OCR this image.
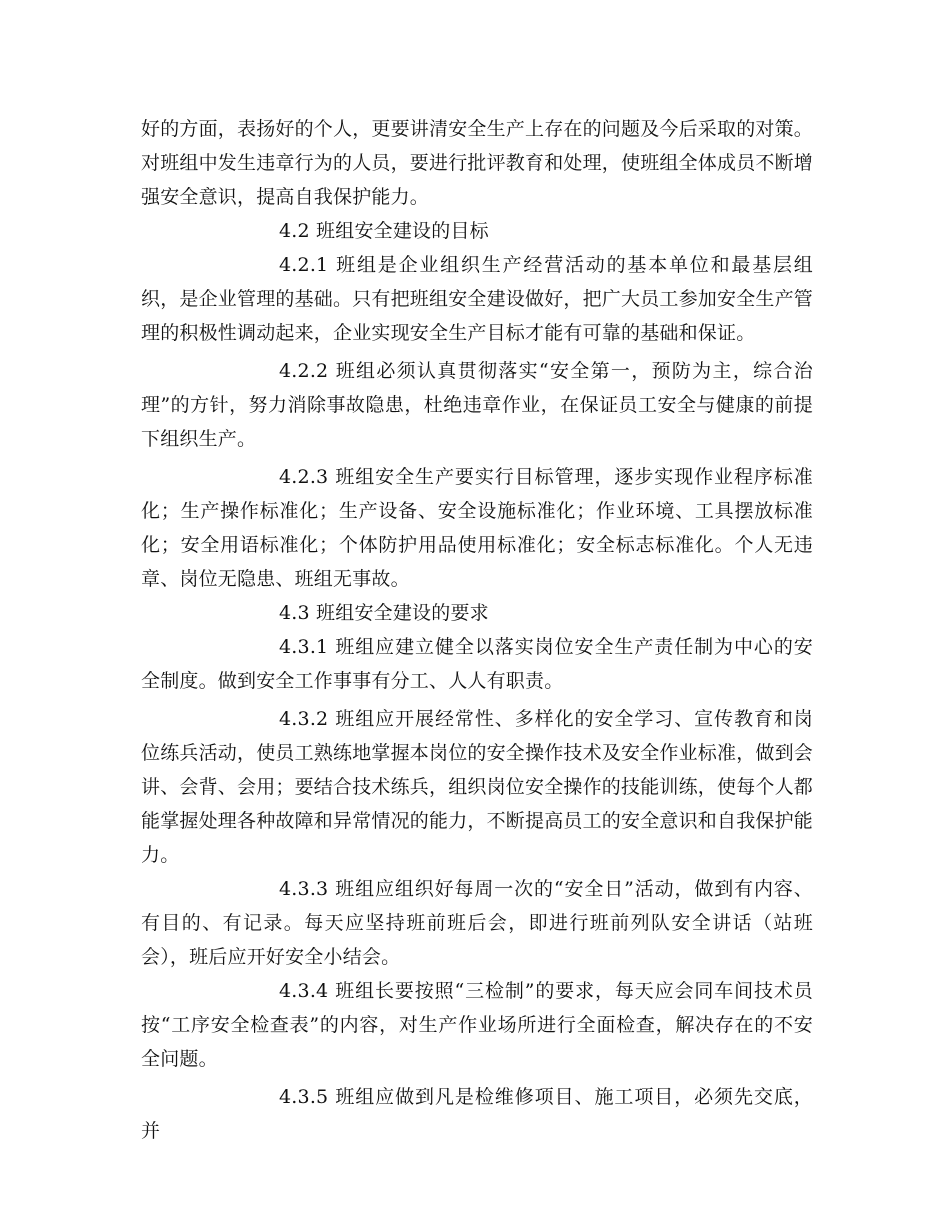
好的方面，表扬好的个人，更要讲清安全生产上存在的问题及今后采取的对策。对班组中发生违章行为的人员，要进行批评教育和处理，使班组全体成员不断增强安全意识，提高自我保护能力。

4.2 班组安全建设的目标

4.2.1 班组是企业组织生产经营活动的基本单位和最基层组织，是企业管理的基础。只有把班组安全建设做好，把广大员工参加安全生产管理的积极性调动起来，企业实现安全生产目标才能有可靠的基础和保证。

4.2.2 班组必须认真贯彻落实“安全第一，预防为主，综合治理”的方针，努力消除事故隐患，杜绝违章作业，在保证员工安全与健康的前提下组织生产。

4.2.3 班组安全生产要实行目标管理，逐步实现作业程序标准化；生产操作标准化；生产设备、安全设施标准化；作业环境、工具摆放标准化；安全用语标准化；个体防护用品使用标准化；安全标志标准化。个人无违章、岗位无隐患、班组无事故。

4.3 班组安全建设的要求

4.3.1 班组应建立健全以落实岗位安全生产责任制为中心的安全制度。做到安全工作事事有分工、人人有职责。

4.3.2 班组应开展经常性、多样化的安全学习、宣传教育和岗位练兵活动，使员工熟练地掌握本岗位的安全操作技术及安全作业标准，做到会讲、会背、会用；要结合技术练兵，组织岗位安全操作的技能训练，使每个人都能掌握处理各种故障和异常情况的能力，不断提高员工的安全意识和自我保护能力。

4.3.3 班组应组织好每周一次的“安全日”活动，做到有内容、有目的、有记录。每天应坚持班前班后会，即进行班前列队安全讲话（站班会），班后应开好安全小结会。

4.3.4 班组长要按照“三检制”的要求，每天应会同车间技术员按“工序安全检查表”的内容，对生产作业场所进行全面检查，解决存在的不安全问题。

4.3.5 班组应做到凡是检维修项目、施工项目，必须先交底，并
